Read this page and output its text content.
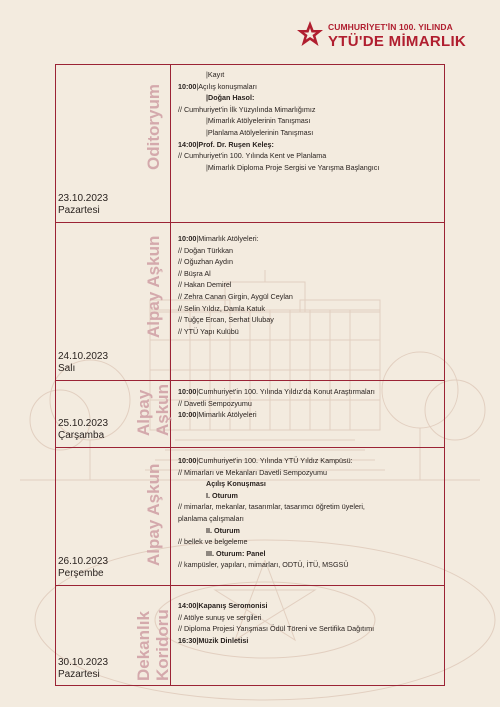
CUMHURİYET'İN 100. YILINDA
YTÜ'DE MİMARLIK
Oditoryum
23.10.2023
Pazartesi
|Kayıt
10:00|Açılış konuşmaları
|Doğan Hasol:
// Cumhuriyet'in İlk Yüzyılında Mimarlığımız
|Mimarlık Atölyelerinin Tanışması
|Planlama Atölyelerinin Tanışması
14:00|Prof. Dr. Ruşen Keleş:
// Cumhuriyet'in 100. Yılında Kent ve Planlama
|Mimarlık Diploma Proje Sergisi ve Yarışma Başlangıcı
Alpay Aşkun
24.10.2023
Salı
10:00|Mimarlık Atölyeleri:
// Doğan Türkkan
// Oğuzhan Aydın
// Büşra Al
// Hakan Demirel
// Zehra Canan Girgin, Aygül Ceylan
// Selin Yıldız, Damla Katuk
// Tuğçe Ercan, Serhat Ulubay
// YTÜ Yapı Kulübü
Alpay Aşkun
25.10.2023
Çarşamba
10:00|Cumhuriyet'in 100. Yılında Yıldız'da Konut Araştırmaları
// Davetli Sempozyumu
10:00|Mimarlık Atölyeleri
Alpay Aşkun
26.10.2023
Perşembe
10:00|Cumhuriyet'in 100. Yılında YTÜ Yıldız Kampüsü:
// Mimarları ve Mekanları Davetli Sempozyumu
Açılış Konuşması
I. Oturum
// mimarlar, mekanlar, tasarımlar, tasarımcı öğretim üyeleri,
planlama çalışmaları
II. Oturum
// bellek ve belgeleme
III. Oturum: Panel
// kampüsler, yapıları, mimarları, ODTÜ, İTÜ, MSGSÜ
Dekanlık Koridoru
30.10.2023
Pazartesi
14:00|Kapanış Seromonisi
// Atölye sunuş ve sergileri
// Diploma Projesi Yarışması Ödül Töreni ve Sertifika Dağıtımı
16:30|Müzik Dinletisi
